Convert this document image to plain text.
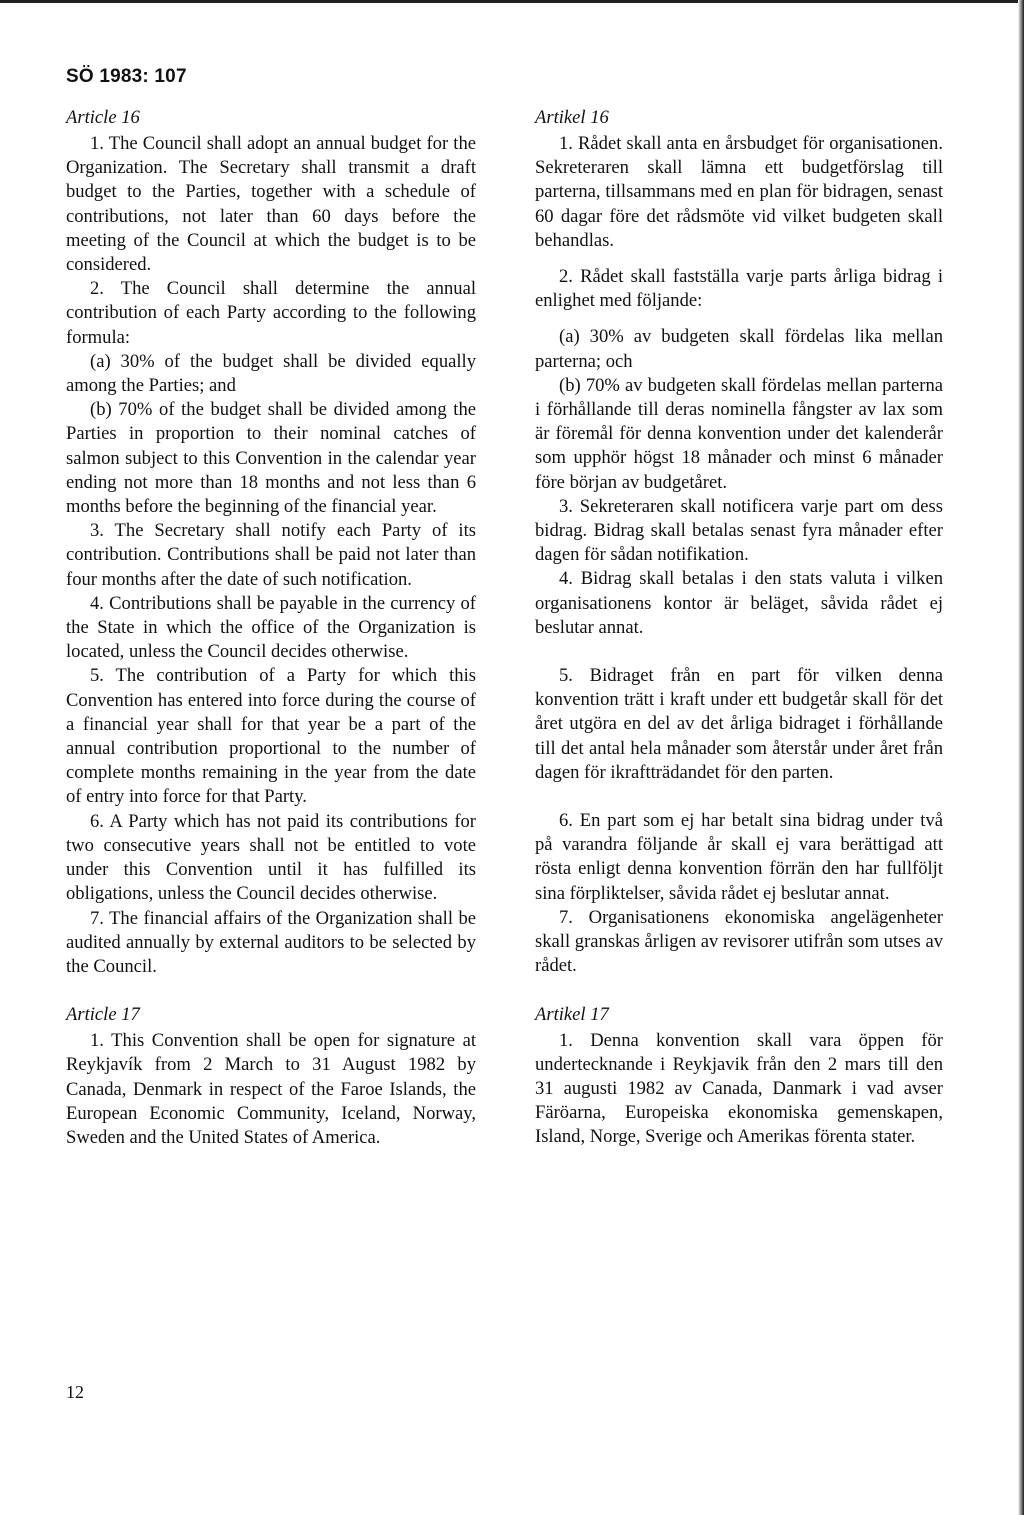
SÖ 1983: 107
Article 16

1. The Council shall adopt an annual budget for the Organization. The Secretary shall transmit a draft budget to the Parties, together with a schedule of contributions, not later than 60 days before the meeting of the Council at which the budget is to be considered.

2. The Council shall determine the annual contribution of each Party according to the following formula:

(a) 30% of the budget shall be divided equally among the Parties; and

(b) 70% of the budget shall be divided among the Parties in proportion to their nominal catches of salmon subject to this Convention in the calendar year ending not more than 18 months and not less than 6 months before the beginning of the financial year.

3. The Secretary shall notify each Party of its contribution. Contributions shall be paid not later than four months after the date of such notification.

4. Contributions shall be payable in the currency of the State in which the office of the Organization is located, unless the Council decides otherwise.

5. The contribution of a Party for which this Convention has entered into force during the course of a financial year shall for that year be a part of the annual contribution proportional to the number of complete months remaining in the year from the date of entry into force for that Party.

6. A Party which has not paid its contributions for two consecutive years shall not be entitled to vote under this Convention until it has fulfilled its obligations, unless the Council decides otherwise.

7. The financial affairs of the Organization shall be audited annually by external auditors to be selected by the Council.

Article 17

1. This Convention shall be open for signature at Reykjavík from 2 March to 31 August 1982 by Canada, Denmark in respect of the Faroe Islands, the European Economic Community, Iceland, Norway, Sweden and the United States of America.

Artikel 16

1. Rådet skall anta en årsbudget för organisationen. Sekreteraren skall lämna ett budgetförslag till parterna, tillsammans med en plan för bidragen, senast 60 dagar före det rådsmöte vid vilket budgeten skall behandlas.

2. Rådet skall fastställa varje parts årliga bidrag i enlighet med följande:

(a) 30% av budgeten skall fördelas lika mellan parterna; och

(b) 70% av budgeten skall fördelas mellan parterna i förhållande till deras nominella fångster av lax som är föremål för denna konvention under det kalenderår som upphör högst 18 månader och minst 6 månader före början av budgetåret.

3. Sekreteraren skall notificera varje part om dess bidrag. Bidrag skall betalas senast fyra månader efter dagen för sådan notifikation.

4. Bidrag skall betalas i den stats valuta i vilken organisationens kontor är beläget, såvida rådet ej beslutar annat.

5. Bidraget från en part för vilken denna konvention trätt i kraft under ett budgetår skall för det året utgöra en del av det årliga bidraget i förhållande till det antal hela månader som återstår under året från dagen för ikraftträdandet för den parten.

6. En part som ej har betalt sina bidrag under två på varandra följande år skall ej vara berättigad att rösta enligt denna konvention förrän den har fullföljt sina förpliktelser, såvida rådet ej beslutar annat.

7. Organisationens ekonomiska angelägenheter skall granskas årligen av revisorer utifrån som utses av rådet.

Artikel 17

1. Denna konvention skall vara öppen för undertecknande i Reykjavik från den 2 mars till den 31 augusti 1982 av Canada, Danmark i vad avser Färöarna, Europeiska ekonomiska gemenskapen, Island, Norge, Sverige och Amerikas förenta stater.

12
